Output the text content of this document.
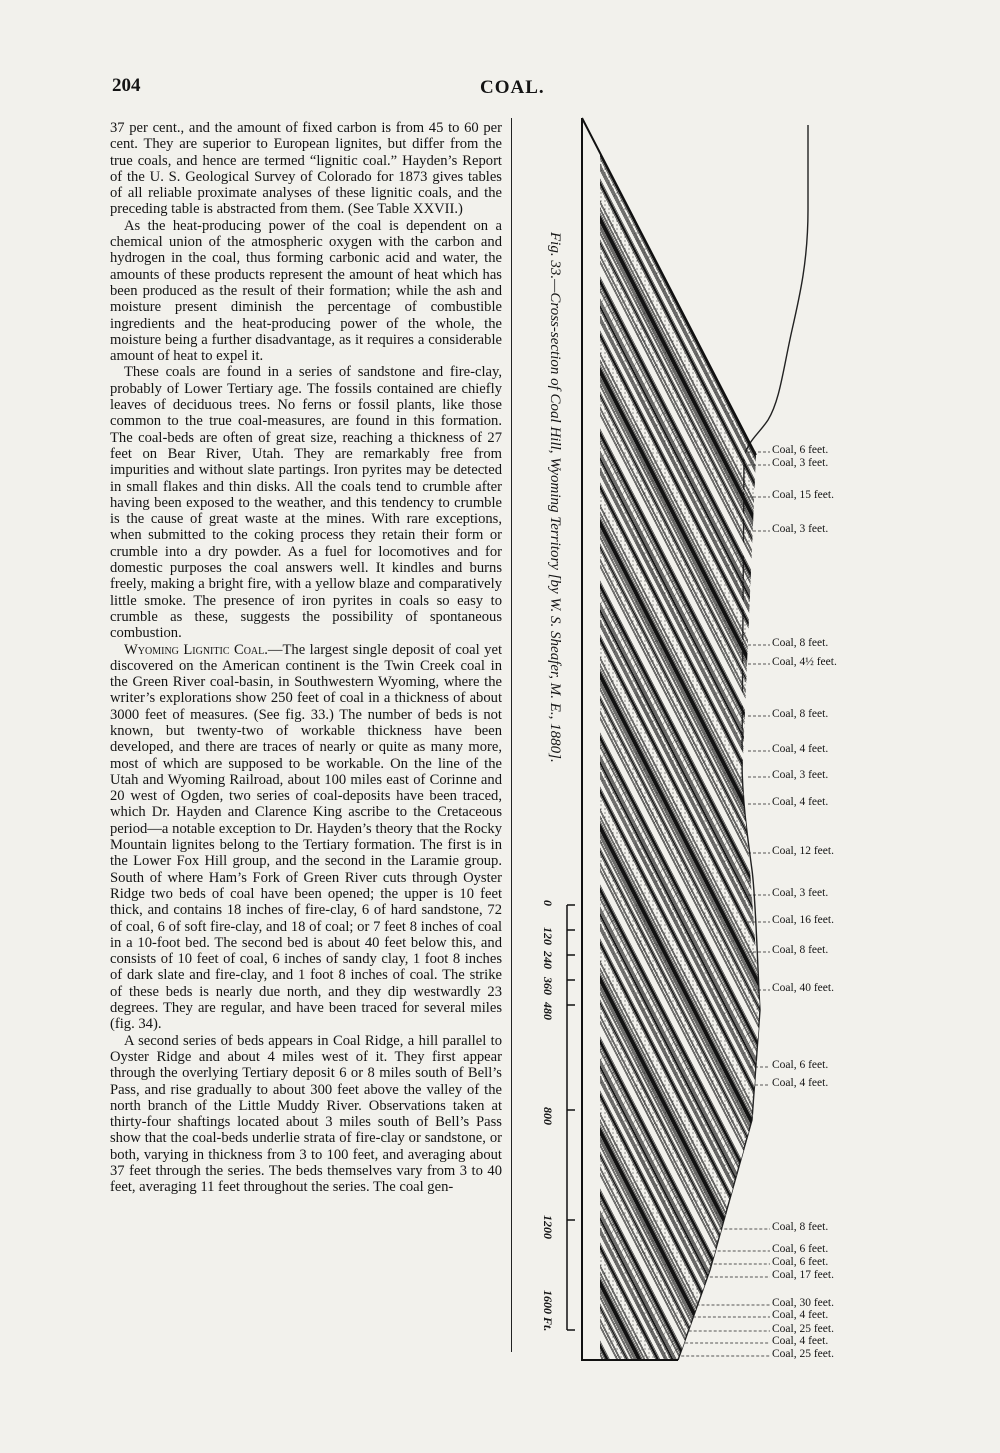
204	COAL.

37 per cent., and the amount of fixed carbon is from 45 to 60 per cent. They are superior to European lignites, but differ from the true coals, and hence are termed “lignitic coal.” Hayden’s Report of the U. S. Geological Survey of Colorado for 1873 gives tables of all reliable proximate analyses of these lignitic coals, and the preceding table is abstracted from them. (See Table XXVII.)

As the heat-producing power of the coal is dependent on a chemical union of the atmospheric oxygen with the carbon and hydrogen in the coal, thus forming carbonic acid and water, the amounts of these products represent the amount of heat which has been produced as the result of their formation; while the ash and moisture present diminish the percentage of combustible ingredients and the heat-producing power of the whole, the moisture being a further disadvantage, as it requires a considerable amount of heat to expel it.

These coals are found in a series of sandstone and fire-clay, probably of Lower Tertiary age. The fossils contained are chiefly leaves of deciduous trees. No ferns or fossil plants, like those common to the true coal-measures, are found in this formation. The coal-beds are often of great size, reaching a thickness of 27 feet on Bear River, Utah. They are remarkably free from impurities and without slate partings. Iron pyrites may be detected in small flakes and thin disks. All the coals tend to crumble after having been exposed to the weather, and this tendency to crumble is the cause of great waste at the mines. With rare exceptions, when submitted to the coking process they retain their form or crumble into a dry powder. As a fuel for locomotives and for domestic purposes the coal answers well. It kindles and burns freely, making a bright fire, with a yellow blaze and comparatively little smoke. The presence of iron pyrites in coals so easy to crumble as these, suggests the possibility of spontaneous combustion.

Wyoming Lignitic Coal.—The largest single deposit of coal yet discovered on the American continent is the Twin Creek coal in the Green River coal-basin, in Southwestern Wyoming, where the writer’s explorations show 250 feet of coal in a thickness of about 3000 feet of measures. (See fig. 33.) The number of beds is not known, but twenty-two of workable thickness have been developed, and there are traces of nearly or quite as many more, most of which are supposed to be workable. On the line of the Utah and Wyoming Railroad, about 100 miles east of Corinne and 20 west of Ogden, two series of coal-deposits have been traced, which Dr. Hayden and Clarence King ascribe to the Cretaceous period—a notable exception to Dr. Hayden’s theory that the Rocky Mountain lignites belong to the Tertiary formation. The first is in the Lower Fox Hill group, and the second in the Laramie group. South of where Ham’s Fork of Green River cuts through Oyster Ridge two beds of coal have been opened; the upper is 10 feet thick, and contains 18 inches of fire-clay, 6 of hard sandstone, 72 of coal, 6 of soft fire-clay, and 18 of coal; or 7 feet 8 inches of coal in a 10-foot bed. The second bed is about 40 feet below this, and consists of 10 feet of coal, 6 inches of sandy clay, 1 foot 8 inches of dark slate and fire-clay, and 1 foot 8 inches of coal. The strike of these beds is nearly due north, and they dip westwardly 23 degrees. They are regular, and have been traced for several miles (fig. 34).

A second series of beds appears in Coal Ridge, a hill parallel to Oyster Ridge and about 4 miles west of it. They first appear through the overlying Tertiary deposit 6 or 8 miles south of Bell’s Pass, and rise gradually to about 300 feet above the valley of the north branch of the Little Muddy River. Observations taken at thirty-four shaftings located about 3 miles south of Bell’s Pass show that the coal-beds underlie strata of fire-clay or sandstone, or both, varying in thickness from 3 to 100 feet, and averaging about 37 feet through the series. The beds themselves vary from 3 to 40 feet, averaging 11 feet throughout the series. The coal gen-

Fig. 33.—Cross-section of Coal Hill, Wyoming Territory [by W. S. Sheafer, M. E., 1880].
0
120
240
360
480
800
1200
1600 Ft.
Coal, 6 feet.
Coal, 3 feet.
Coal, 15 feet.
Coal, 3 feet.
Coal, 8 feet.
Coal, 4½ feet.
Coal, 8 feet.
Coal, 4 feet.
Coal, 3 feet.
Coal, 4 feet.
Coal, 12 feet.
Coal, 3 feet.
Coal, 16 feet.
Coal, 8 feet.
Coal, 40 feet.
Coal, 6 feet.
Coal, 4 feet.
Coal, 8 feet.
Coal, 6 feet.
Coal, 6 feet.
Coal, 17 feet.
Coal, 30 feet.
Coal, 4 feet.
Coal, 25 feet.
Coal, 4 feet.
Coal, 25 feet.
